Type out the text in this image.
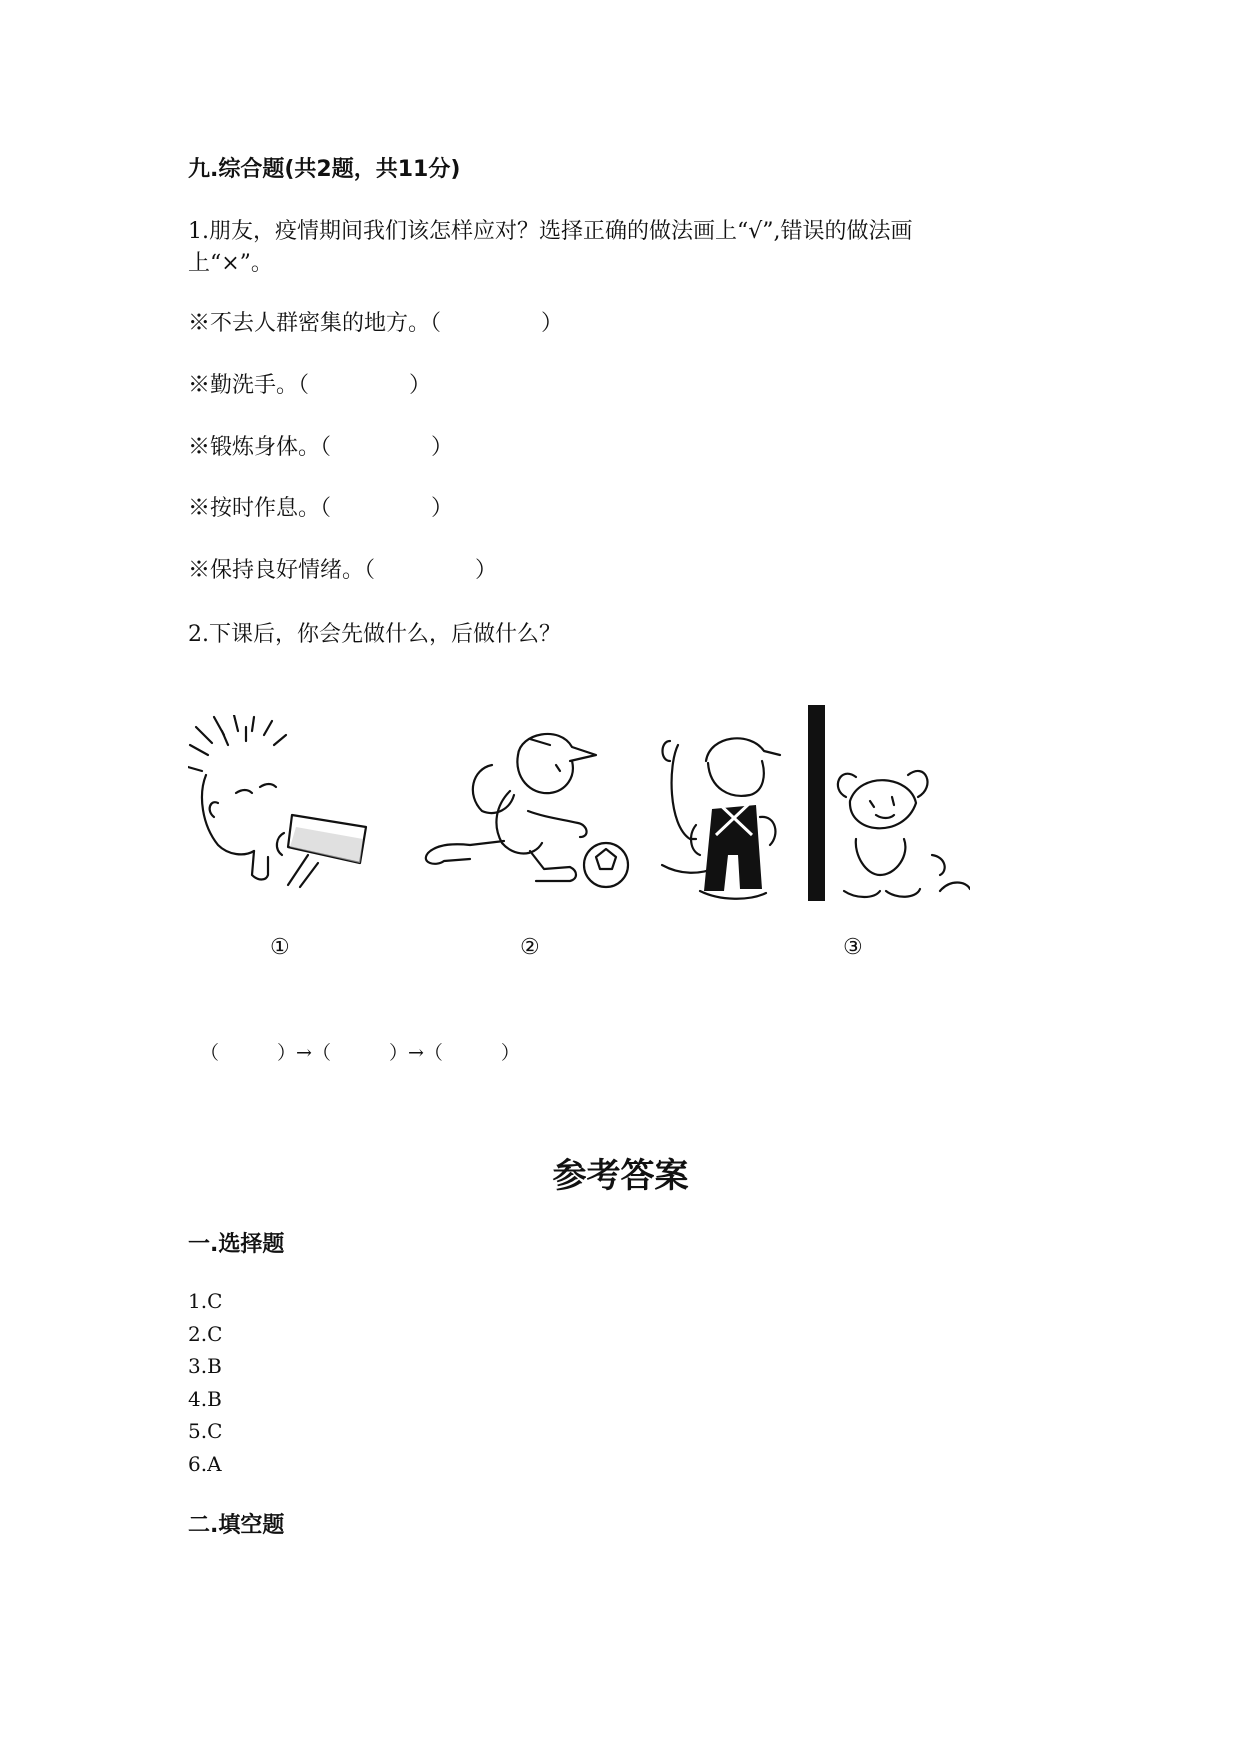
九.综合题(共2题，共11分)
1.朋友，疫情期间我们该怎样应对？选择正确的做法画上“√”,错误的做法画
上“×”。
※不去人群密集的地方。（	）
※勤洗手。（	）
※锻炼身体。（	）
※按时作息。（	）
※保持良好情绪。（	）
2.下课后，你会先做什么，后做什么？
①	②	③
（	）→（	）→（	）
参考答案
一.选择题
1.C
2.C
3.B
4.B
5.C
6.A
二.填空题
